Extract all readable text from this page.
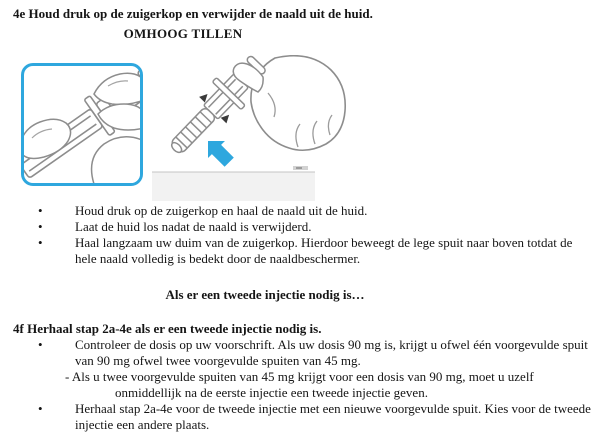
4e Houd druk op de zuigerkop en verwijder de naald uit de huid.
OMHOOG TILLEN
• Houd druk op de zuigerkop en haal de naald uit de huid.
• Laat de huid los nadat de naald is verwijderd.
• Haal langzaam uw duim van de zuigerkop. Hierdoor beweegt de lege spuit naar boven totdat de hele naald volledig is bedekt door de naaldbeschermer.
Als er een tweede injectie nodig is…
4f Herhaal stap 2a-4e als er een tweede injectie nodig is.
• Controleer de dosis op uw voorschrift. Als uw dosis 90 mg is, krijgt u ofwel één voorgevulde spuit van 90 mg ofwel twee voorgevulde spuiten van 45 mg.
- Als u twee voorgevulde spuiten van 45 mg krijgt voor een dosis van 90 mg, moet u uzelf onmiddellijk na de eerste injectie een tweede injectie geven.
• Herhaal stap 2a-4e voor de tweede injectie met een nieuwe voorgevulde spuit. Kies voor de tweede injectie een andere plaats.
